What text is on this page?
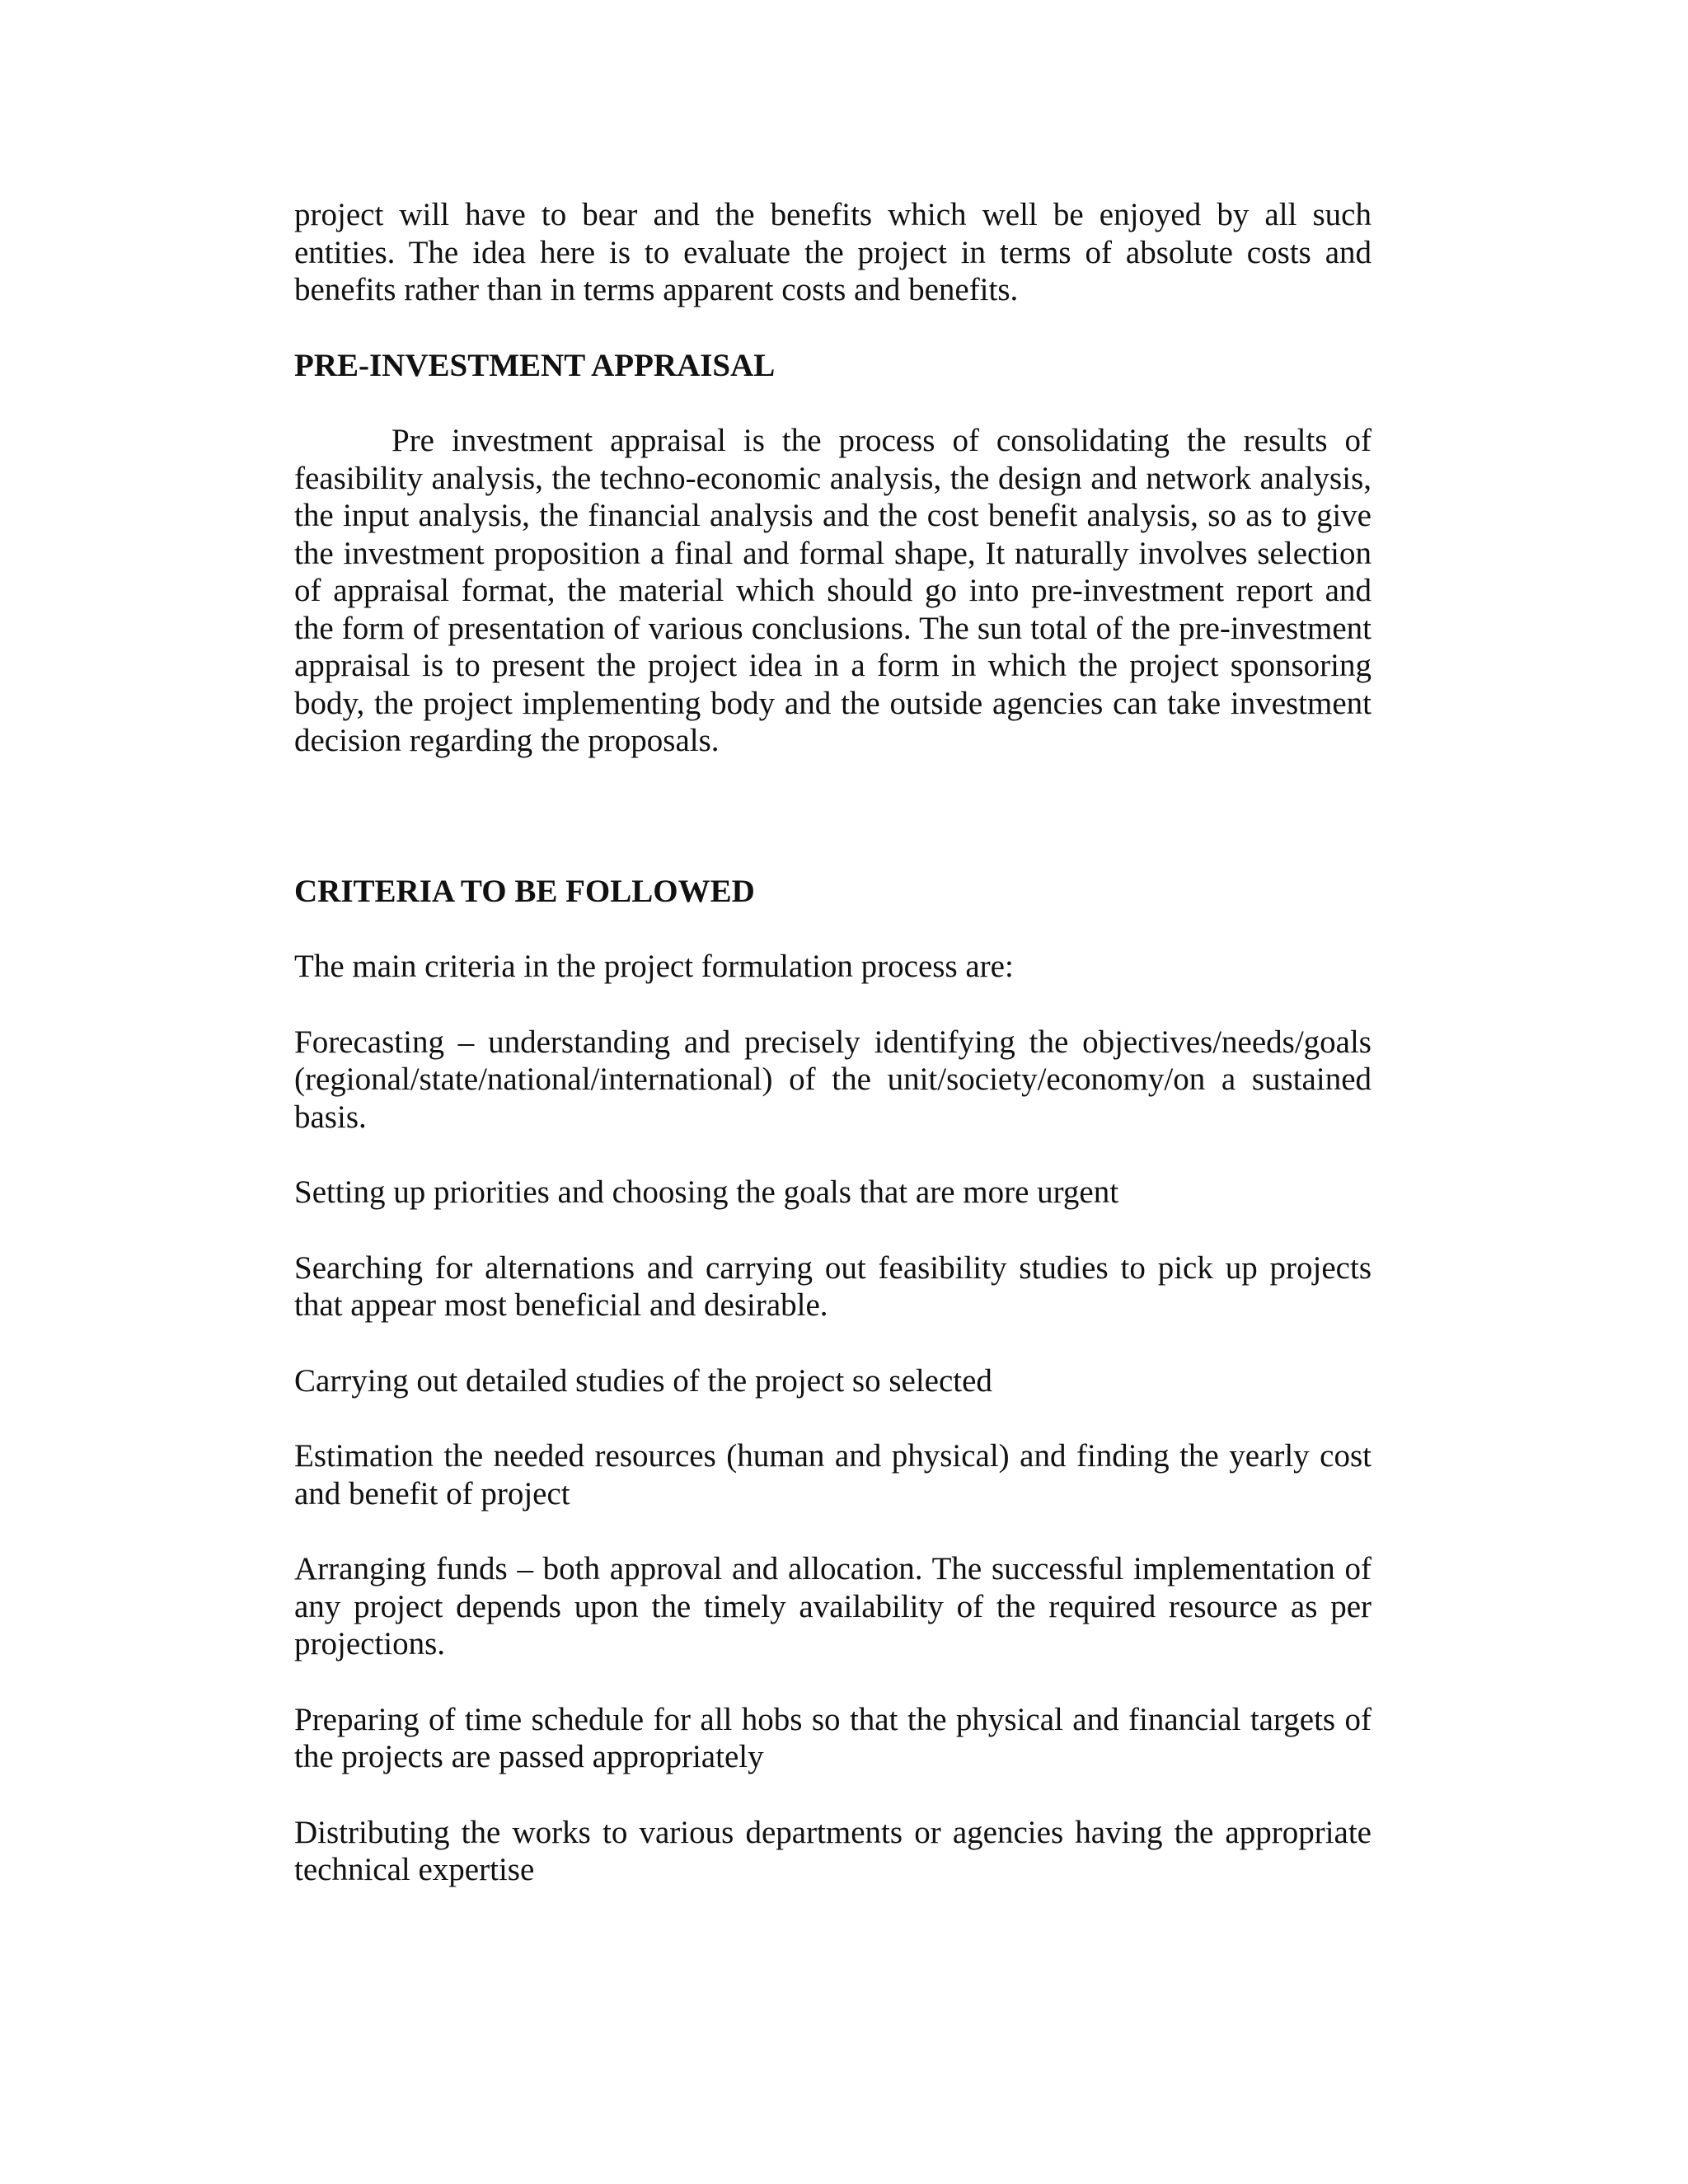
project will have to bear and the benefits which well be enjoyed by all such entities. The idea here is to evaluate the project in terms of absolute costs and benefits rather than in terms apparent costs and benefits.

PRE-INVESTMENT APPRAISAL

Pre investment appraisal is the process of consolidating the results of feasibility analysis, the techno-economic analysis, the design and network analysis, the input analysis, the financial analysis and the cost benefit analysis, so as to give the investment proposition a final and formal shape, It naturally involves selection of appraisal format, the material which should go into pre-investment report and the form of presentation of various conclusions. The sun total of the pre-investment appraisal is to present the project idea in a form in which the project sponsoring body, the project implementing body and the outside agencies can take investment decision regarding the proposals.

CRITERIA TO BE FOLLOWED

The main criteria in the project formulation process are:

Forecasting – understanding and precisely identifying the objectives/needs/goals (regional/state/national/international) of the unit/society/economy/on a sustained basis.

Setting up priorities and choosing the goals that are more urgent

Searching for alternations and carrying out feasibility studies to pick up projects that appear most beneficial and desirable.

Carrying out detailed studies of the project so selected

Estimation the needed resources (human and physical) and finding the yearly cost and benefit of project

Arranging funds – both approval and allocation. The successful implementation of any project depends upon the timely availability of the required resource as per projections.

Preparing of time schedule for all hobs so that the physical and financial targets of the projects are passed appropriately

Distributing the works to various departments or agencies having the appropriate technical expertise
